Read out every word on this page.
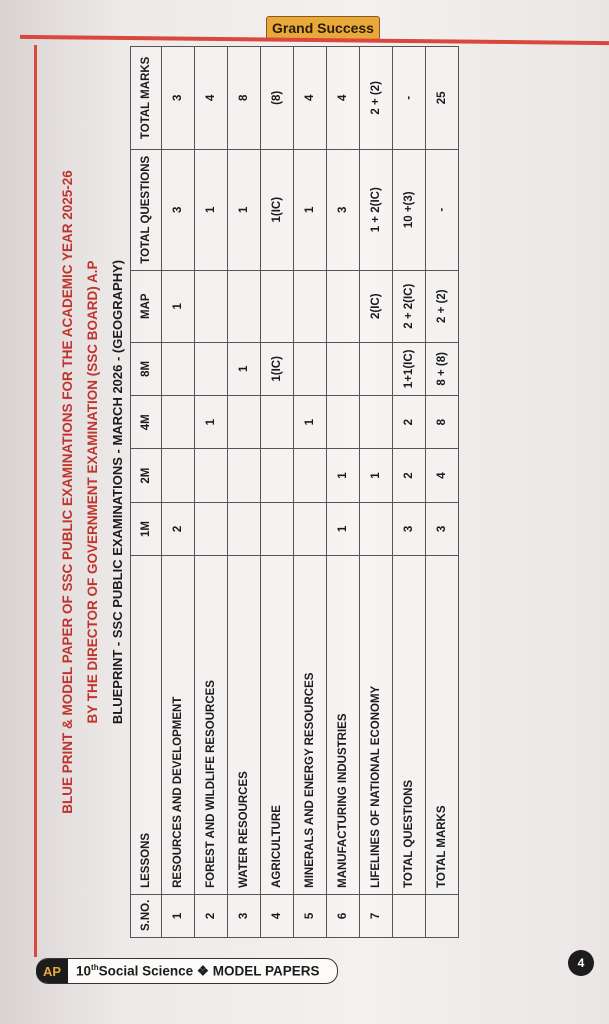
Grand Success
BLUE PRINT & MODEL PAPER OF SSC PUBLIC EXAMINATIONS FOR THE ACADEMIC YEAR 2025-26 BY THE DIRECTOR OF GOVERNMENT EXAMINATION (SSC BOARD) A.P BLUEPRINT - SSC PUBLIC EXAMINATIONS - MARCH 2026 - (GEOGRAPHY)
S.NO.	LESSONS	1M	2M	4M	8M	MAP	TOTAL QUESTIONS	TOTAL MARKS
1	RESOURCES AND DEVELOPMENT	2				1	3	3
2	FOREST AND WILDLIFE RESOURCES			1			1	4
3	WATER RESOURCES				1		1	8
4	AGRICULTURE				1(IC)		1(IC)	(8)
5	MINERALS AND ENERGY RESOURCES			1			1	4
6	MANUFACTURING INDUSTRIES	1	1				3	4
7	LIFELINES OF NATIONAL ECONOMY		1			2(IC)	1 + 2(IC)	2 + (2)
	TOTAL QUESTIONS	3	2	2	1+1(IC)	2 + 2(IC)	10 +(3)	-
	TOTAL MARKS	3	4	8	8 + (8)	2 + (2)	-	25
AP	10thSocial Science ❖ MODEL PAPERS
4
